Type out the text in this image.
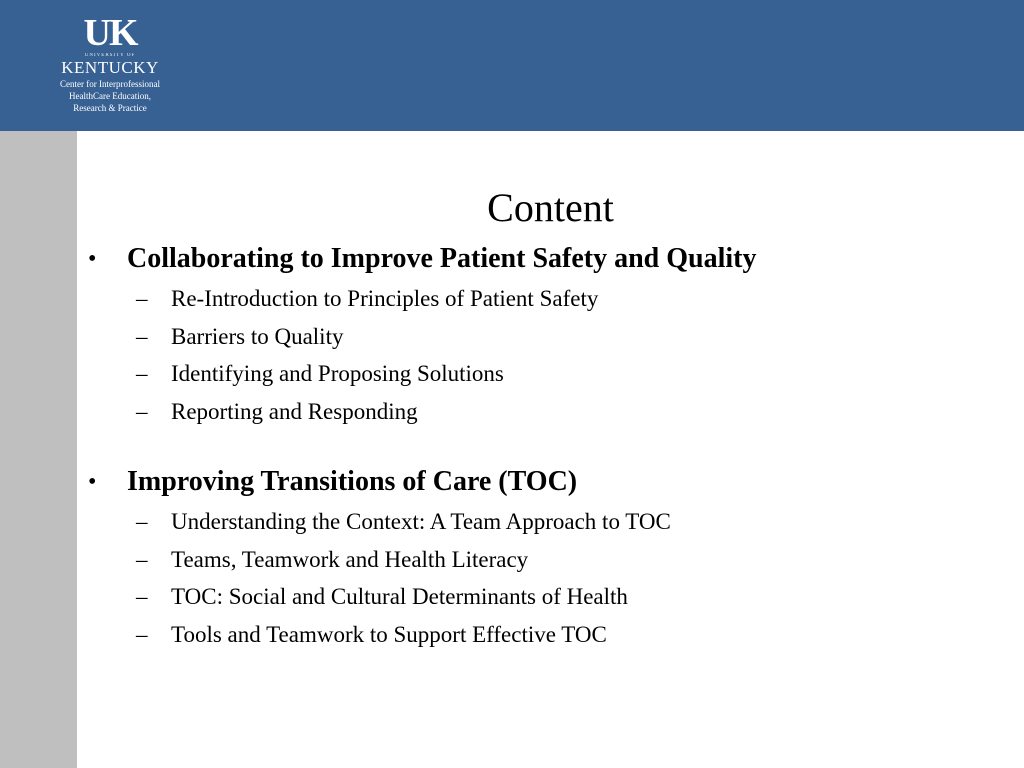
UK
UNIVERSITY OF
KENTUCKY
Center for Interprofessional
HealthCare Education,
Research & Practice
Content
• Collaborating to Improve Patient Safety and Quality
– Re-Introduction to Principles of Patient Safety
– Barriers to Quality
– Identifying and Proposing Solutions
– Reporting and Responding
• Improving Transitions of Care (TOC)
– Understanding the Context: A Team Approach to TOC
– Teams, Teamwork and Health Literacy
– TOC: Social and Cultural Determinants of Health
– Tools and Teamwork to Support Effective TOC
